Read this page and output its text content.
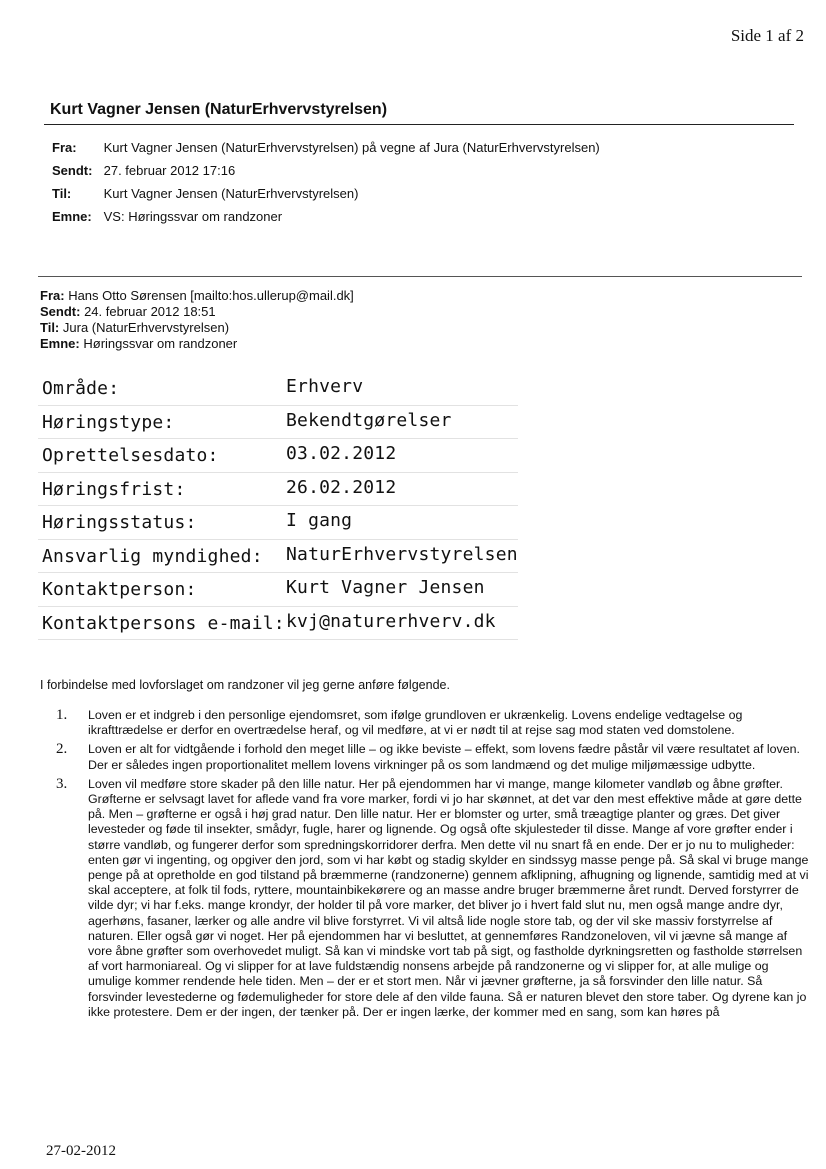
Side 1 af 2
Kurt Vagner Jensen (NaturErhvervstyrelsen)
Fra: Kurt Vagner Jensen (NaturErhvervstyrelsen) på vegne af Jura (NaturErhvervstyrelsen)
Sendt: 27. februar 2012 17:16
Til: Kurt Vagner Jensen (NaturErhvervstyrelsen)
Emne: VS: Høringssvar om randzoner
Fra: Hans Otto Sørensen [mailto:hos.ullerup@mail.dk]
Sendt: 24. februar 2012 18:51
Til: Jura (NaturErhvervstyrelsen)
Emne: Høringssvar om randzoner
Område:	Erhverv
Høringstype:	Bekendtgørelser
Oprettelsesdato:	03.02.2012
Høringsfrist:	26.02.2012
Høringsstatus:	I gang
Ansvarlig myndighed: NaturErhvervstyrelsen
Kontaktperson:	Kurt Vagner Jensen
Kontaktpersons e-mail: kvj@naturerhverv.dk
I forbindelse med lovforslaget om randzoner vil jeg gerne anføre følgende.
1. Loven er et indgreb i den personlige ejendomsret, som ifølge grundloven er ukrænkelig. Lovens endelige vedtagelse og ikrafttrædelse er derfor en overtrædelse heraf, og vil medføre, at vi er nødt til at rejse sag mod staten ved domstolene.
2. Loven er alt for vidtgående i forhold den meget lille – og ikke beviste – effekt, som lovens fædre påstår vil være resultatet af loven. Der er således ingen proportionalitet mellem lovens virkninger på os som landmænd og det mulige miljømæssige udbytte.
3. Loven vil medføre store skader på den lille natur. Her på ejendommen har vi mange, mange kilometer vandløb og åbne grøfter. Grøfterne er selvsagt lavet for aflede vand fra vore marker, fordi vi jo har skønnet, at det var den mest effektive måde at gøre dette på. Men – grøfterne er også i høj grad natur. Den lille natur. Her er blomster og urter, små træagtige planter og græs. Det giver levesteder og føde til insekter, smådyr, fugle, harer og lignende. Og også ofte skjulesteder til disse. Mange af vore grøfter ender i større vandløb, og fungerer derfor som spredningskorridorer derfra. Men dette vil nu snart få en ende. Der er jo nu to muligheder: enten gør vi ingenting, og opgiver den jord, som vi har købt og stadig skylder en sindssyg masse penge på. Så skal vi bruge mange penge på at opretholde en god tilstand på bræmmerne (randzonerne) gennem afklipning, afhugning og lignende, samtidig med at vi skal acceptere, at folk til fods, ryttere, mountainbikekørere og an masse andre bruger bræmmerne året rundt. Derved forstyrrer de vilde dyr; vi har f.eks. mange krondyr, der holder til på vore marker, det bliver jo i hvert fald slut nu, men også mange andre dyr, agerhøns, fasaner, lærker og alle andre vil blive forstyrret. Vi vil altså lide nogle store tab, og der vil ske massiv forstyrrelse af naturen. Eller også gør vi noget. Her på ejendommen har vi besluttet, at gennemføres Randzoneloven, vil vi jævne så mange af vore åbne grøfter som overhovedet muligt. Så kan vi mindske vort tab på sigt, og fastholde dyrkningsretten og fastholde størrelsen af vort harmoniareal. Og vi slipper for at lave fuldstændig nonsens arbejde på randzonerne og vi slipper for, at alle mulige og umulige kommer rendende hele tiden. Men – der er et stort men. Når vi jævner grøfterne, ja så forsvinder den lille natur. Så forsvinder levestederne og fødemuligheder for store dele af den vilde fauna. Så er naturen blevet den store taber. Og dyrene kan jo ikke protestere. Dem er der ingen, der tænker på. Der er ingen lærke, der kommer med en sang, som kan høres på
27-02-2012
